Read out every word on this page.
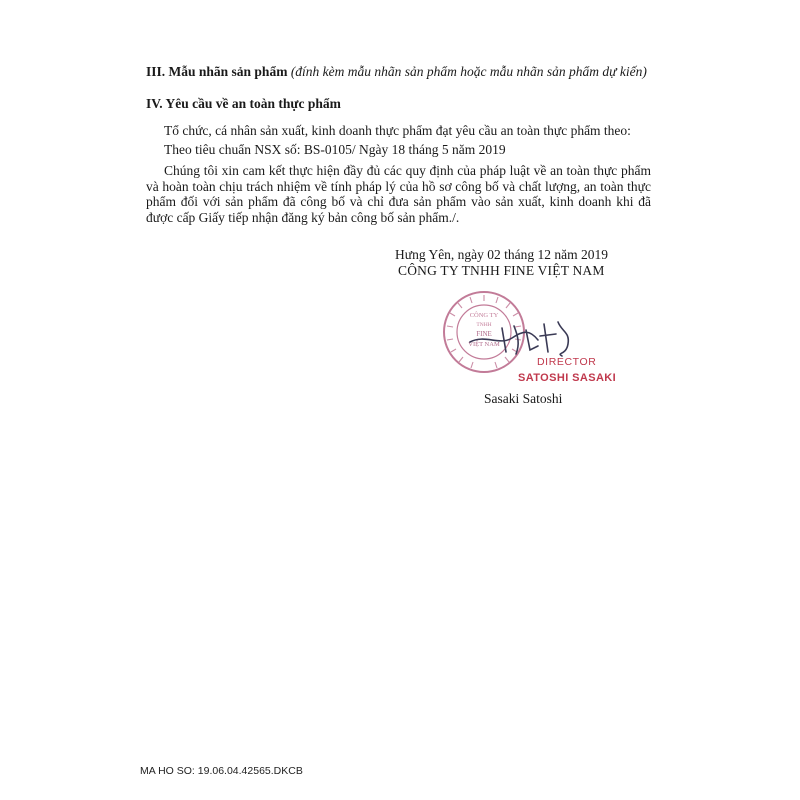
III. Mẫu nhãn sản phẩm (đính kèm mẫu nhãn sản phẩm hoặc mẫu nhãn sản phẩm dự kiến)

IV. Yêu cầu về an toàn thực phẩm

Tổ chức, cá nhân sản xuất, kinh doanh thực phẩm đạt yêu cầu an toàn thực phẩm theo:

Theo tiêu chuẩn NSX số: BS-0105/ Ngày 18 tháng 5 năm 2019

Chúng tôi xin cam kết thực hiện đầy đủ các quy định của pháp luật về an toàn thực phẩm và hoàn toàn chịu trách nhiệm về tính pháp lý của hồ sơ công bố và chất lượng, an toàn thực phẩm đối với sản phẩm đã công bố và chỉ đưa sản phẩm vào sản xuất, kinh doanh khi đã được cấp Giấy tiếp nhận đăng ký bản công bố sản phẩm./.

Hưng Yên, ngày 02 tháng 12 năm 2019

CÔNG TY TNHH FINE VIỆT NAM

CÔNG TY
TNHH
FINE
VIỆT NAM

DIRECTOR

SATOSHI SASAKI

Sasaki Satoshi

MA HO SO: 19.06.04.42565.DKCB
